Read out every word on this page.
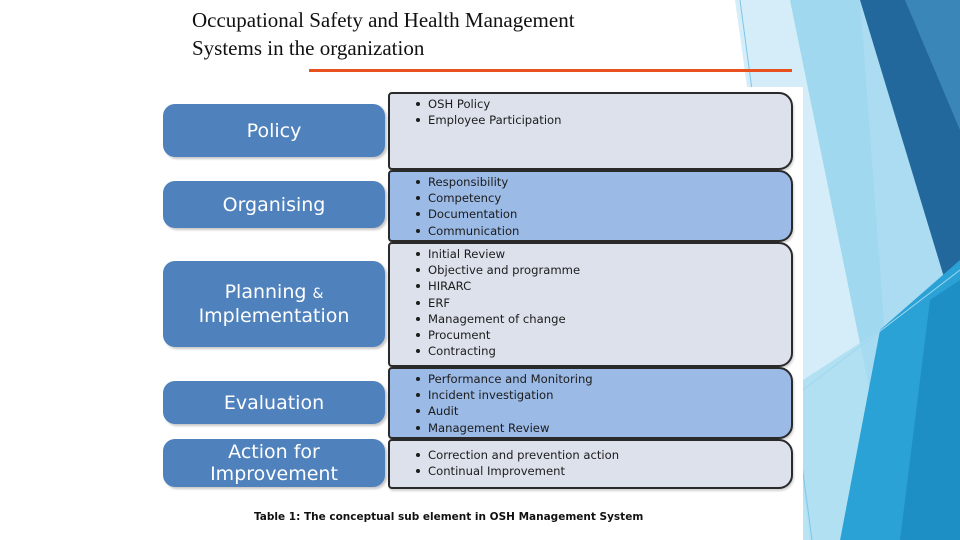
Occupational Safety and Health Management
Systems in the organization
Policy
OSH Policy
Employee Participation
Organising
Responsibility
Competency
Documentation
Communication
Planning &
Implementation
Initial Review
Objective and programme
HIRARC
ERF
Management of change
Procument
Contracting
Evaluation
Performance and Monitoring
Incident investigation
Audit
Management Review
Action for
Improvement
Correction and prevention action
Continual Improvement
Table 1: The conceptual sub element in OSH Management System
